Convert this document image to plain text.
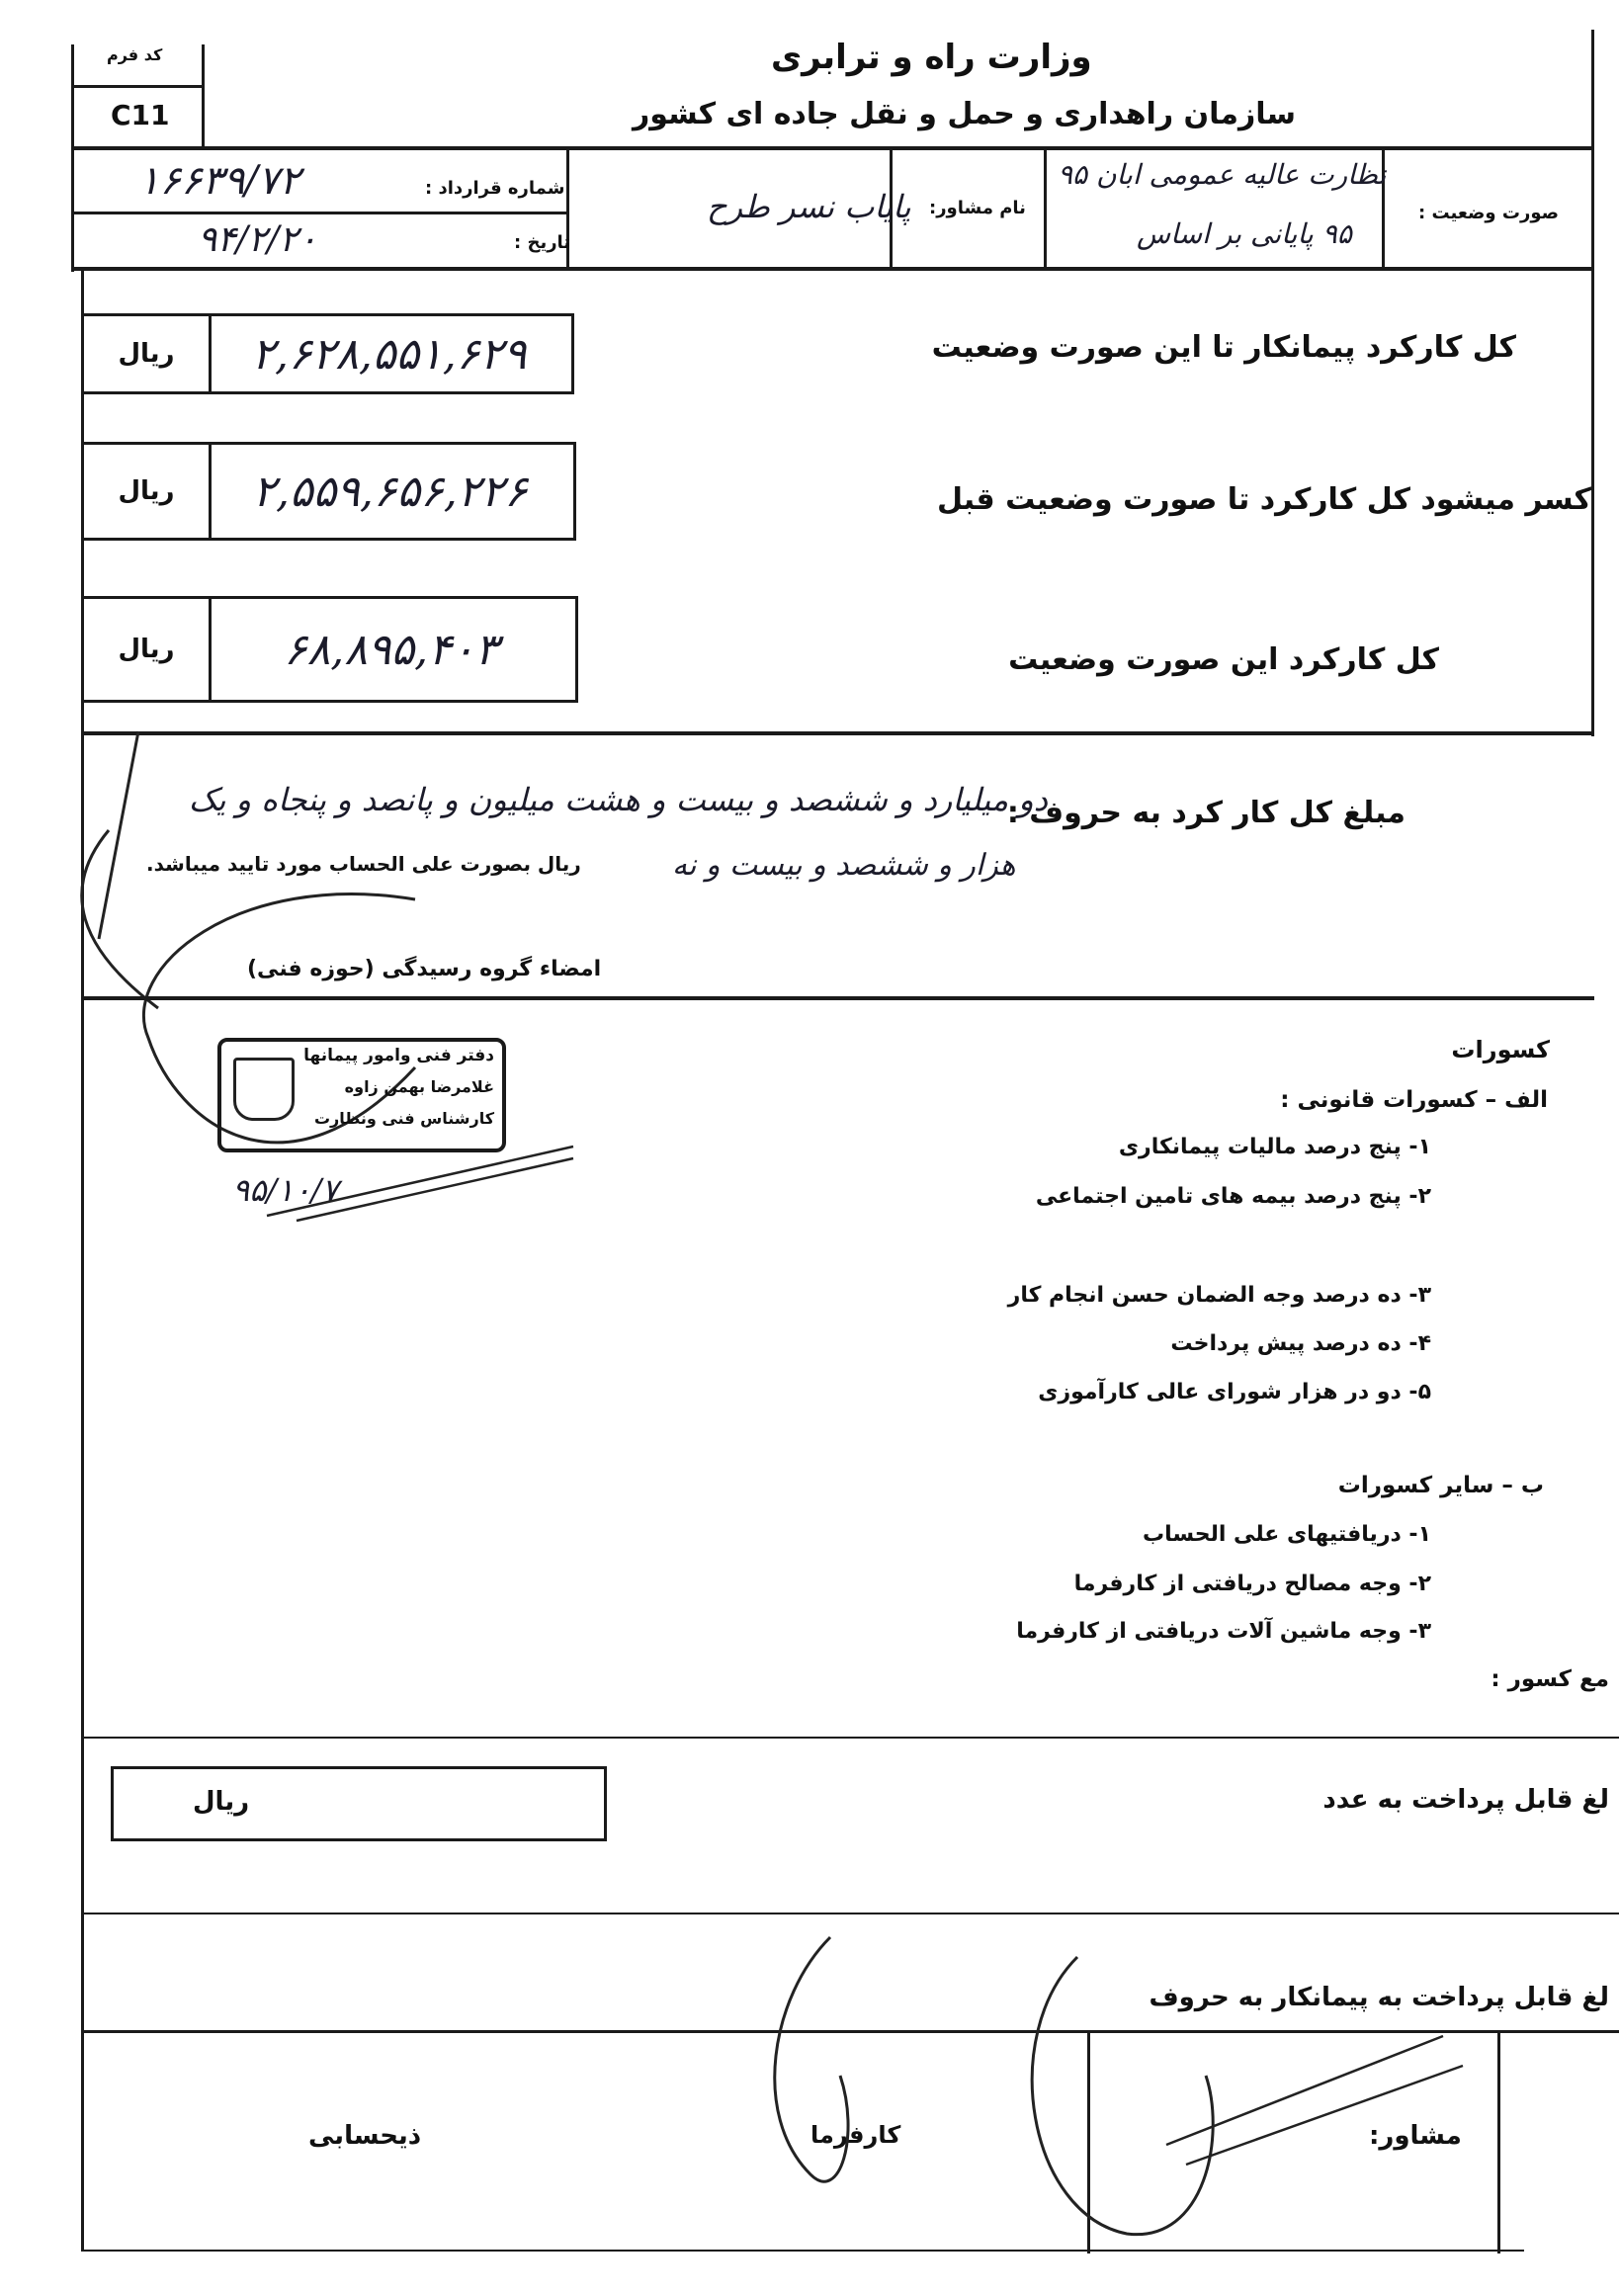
کد فرم
C11
وزارت راه و ترابری
سازمان راهداری و حمل و نقل جاده ای کشور
۱۶۶۳۹/۷۲	شماره قرارداد :
۹۴/۲/۲۰	تاریخ :
پایاب نسر طرح نام مشاور:
نظارت عالیه عمومی ابان ۹۵
۹۵ پایانی بر اساس
صورت وضعیت :
ریال	۲,۶۲۸,۵۵۱,۶۲۹	کل کارکرد پیمانکار تا این صورت وضعیت
ریال	۲,۵۵۹,۶۵۶,۲۲۶	کسر میشود کل کارکرد تا صورت وضعیت قبل
ریال	۶۸,۸۹۵,۴۰۳	کل کارکرد این صورت وضعیت
مبلغ کل کار کرد به حروف :
دو میلیارد و ششصد و بیست و هشت میلیون و پانصد و پنجاه و یک
هزار و ششصد و بیست و نه
ریال بصورت علی الحساب مورد تایید میباشد.
امضاء گروه رسیدگی (حوزه فنی)
دفتر فنی وامور پیمانها
غلامرضا بهمن زاوه
کارشناس فنی ونظارت
۹۵/۱۰/۷
کسورات
الف – کسورات قانونی :
۱- پنج درصد مالیات پیمانکاری
۲- پنج درصد بیمه های تامین اجتماعی
۳- ده درصد وجه الضمان حسن انجام کار
۴- ده درصد پیش پرداخت
۵- دو در هزار شورای عالی کارآموزی
ب – سایر کسورات
۱- دریافتیهای علی الحساب
۲- وجه مصالح دریافتی از کارفرما
۳- وجه ماشین آلات دریافتی از کارفرما
مع کسور :
ریال	لغ قابل پرداخت به عدد
لغ قابل پرداخت به پیمانکار به حروف
ذیحسابی	کارفرما	مشاور:
